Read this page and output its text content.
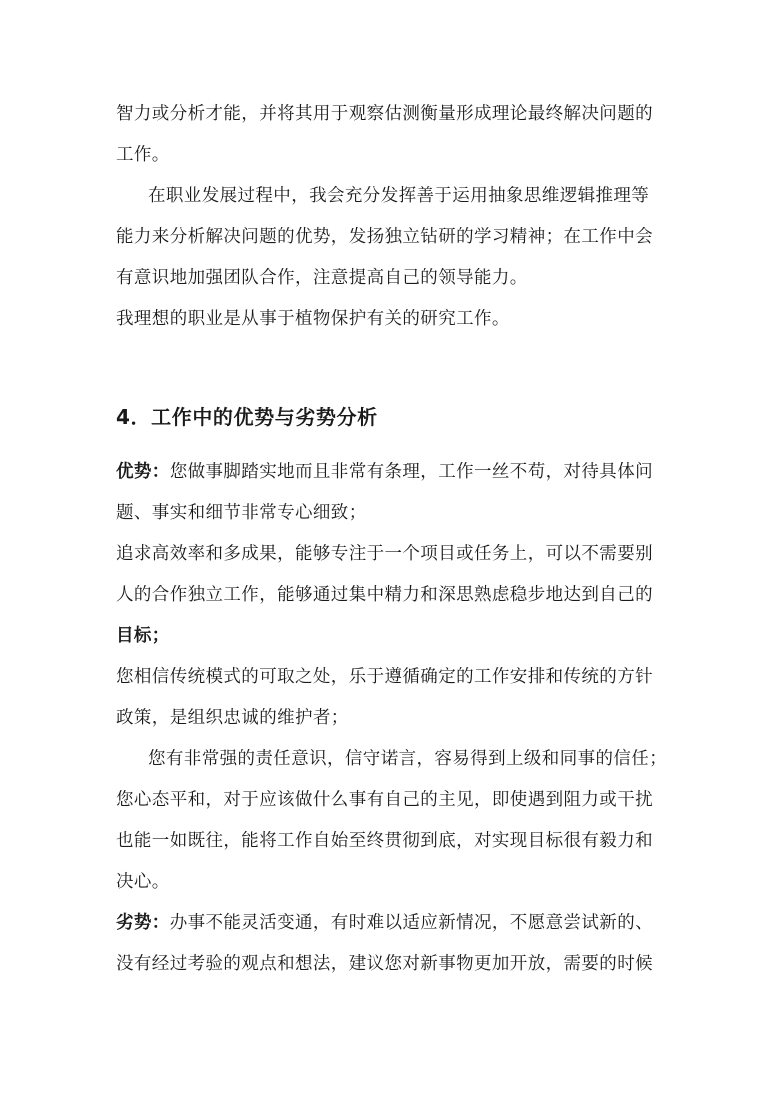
智力或分析才能，并将其用于观察估测衡量形成理论最终解决问题的
工作。
在职业发展过程中，我会充分发挥善于运用抽象思维逻辑推理等
能力来分析解决问题的优势，发扬独立钻研的学习精神；在工作中会
有意识地加强团队合作，注意提高自己的领导能力。
我理想的职业是从事于植物保护有关的研究工作。
4．工作中的优势与劣势分析
优势：您做事脚踏实地而且非常有条理，工作一丝不苟，对待具体问
题、事实和细节非常专心细致；
追求高效率和多成果，能够专注于一个项目或任务上，可以不需要别
人的合作独立工作，能够通过集中精力和深思熟虑稳步地达到自己的
目标；
您相信传统模式的可取之处，乐于遵循确定的工作安排和传统的方针
政策，是组织忠诚的维护者；
您有非常强的责任意识，信守诺言，容易得到上级和同事的信任；
您心态平和，对于应该做什么事有自己的主见，即使遇到阻力或干扰
也能一如既往，能将工作自始至终贯彻到底，对实现目标很有毅力和
决心。
劣势：办事不能灵活变通，有时难以适应新情况，不愿意尝试新的、
没有经过考验的观点和想法，建议您对新事物更加开放，需要的时候
